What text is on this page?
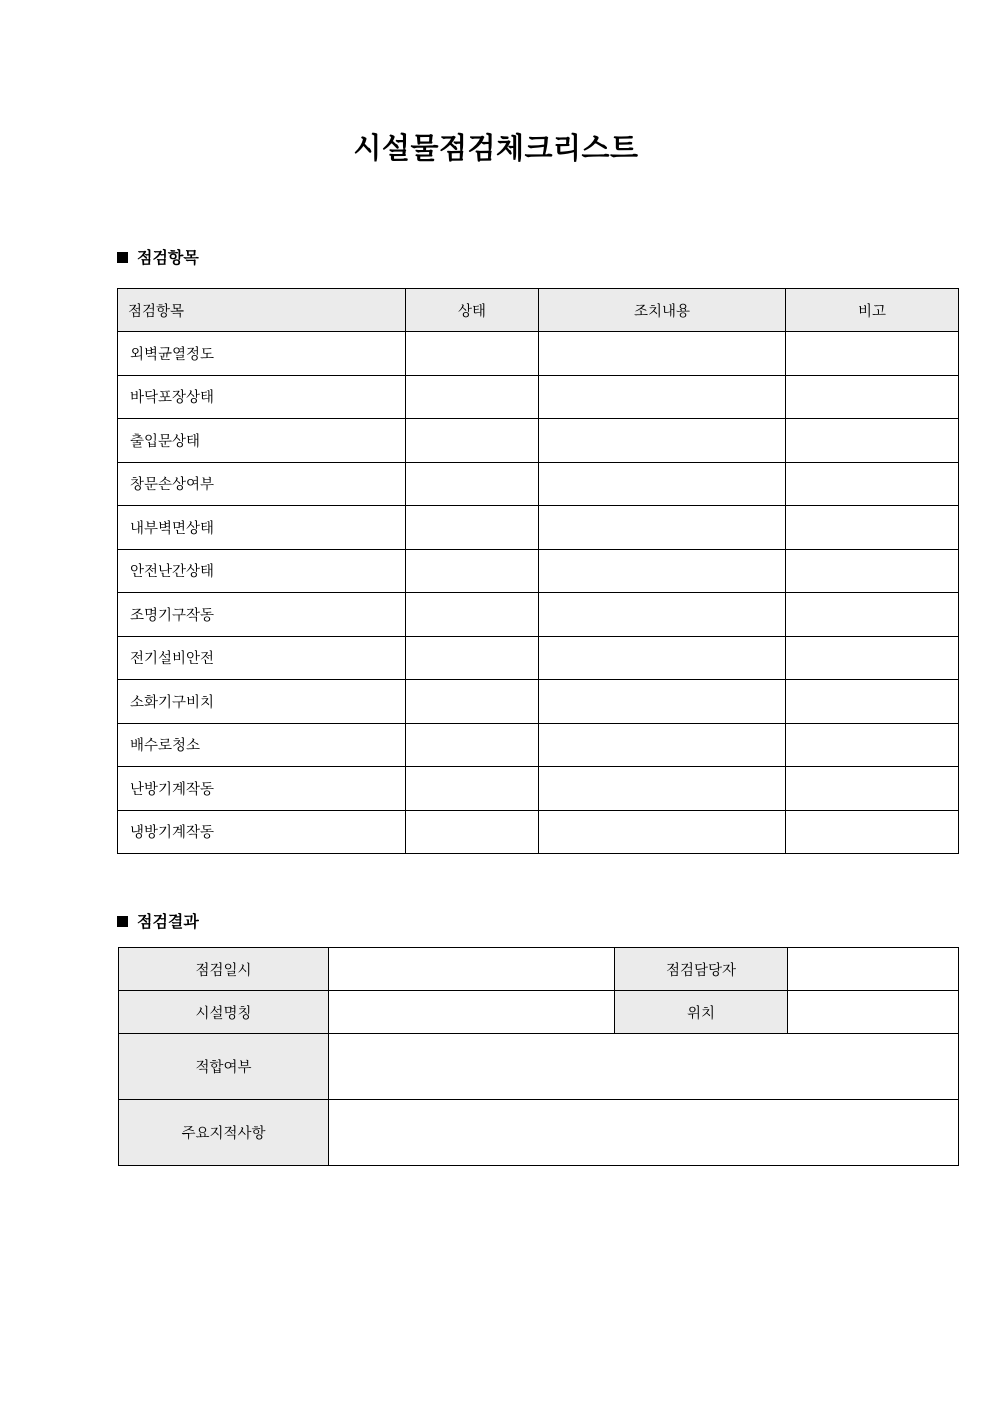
시설물점검체크리스트
점검항목
점검항목	상태	조치내용	비고
외벽균열정도			
바닥포장상태			
출입문상태			
창문손상여부			
내부벽면상태			
안전난간상태			
조명기구작동			
전기설비안전			
소화기구비치			
배수로청소			
난방기계작동			
냉방기계작동			
점검결과
점검일시		점검담당자	
시설명칭		위치	
적합여부			
주요지적사항			
